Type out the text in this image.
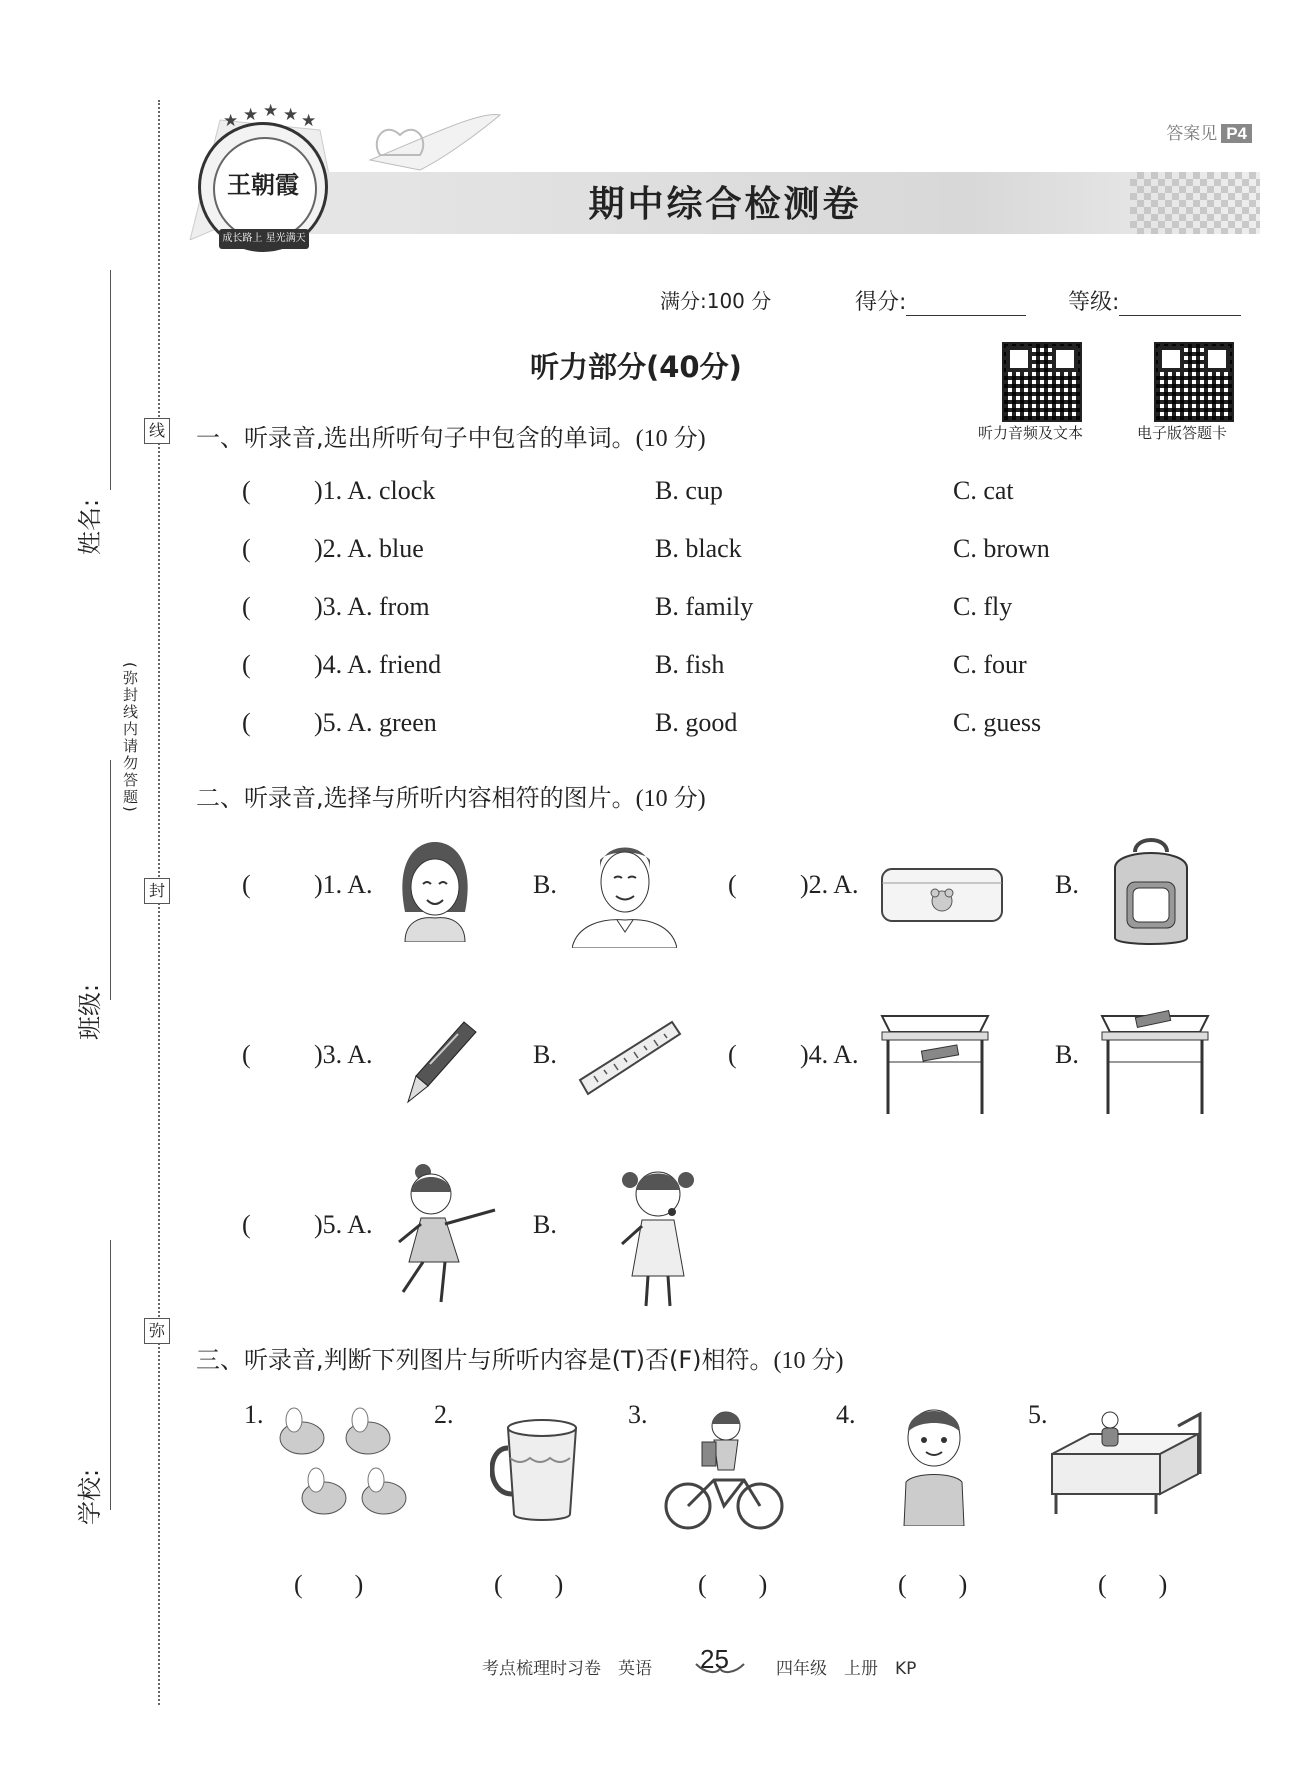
线
封
弥
姓名:
班级:
学校:
(弥封线内请勿答题)
答案见 P4
期中综合检测卷
★ ★ ★ ★ ★
王朝霞
成长路上 星光满天
满分:100 分	得分:	等级:
听力部分(40分)
听力音频及文本	电子版答题卡
一、听录音,选出所听句子中包含的单词。(10 分)
( )1. A. clock	B. cup	C. cat
( )2. A. blue	B. black	C. brown
( )3. A. from	B. family	C. fly
( )4. A. friend	B. fish	C. four
( )5. A. green	B. good	C. guess
二、听录音,选择与所听内容相符的图片。(10 分)
( )1. A.	B.	( )2. A.	B.
( )3. A.	B.	( )4. A.	B.
( )5. A.	B.
三、听录音,判断下列图片与所听内容是(T)否(F)相符。(10 分)
1.	2.	3.	4.	5.
(  )	(  )	(  )	(  )	(  )
考点梳理时习卷　英语 25	四年级　上册　KP
